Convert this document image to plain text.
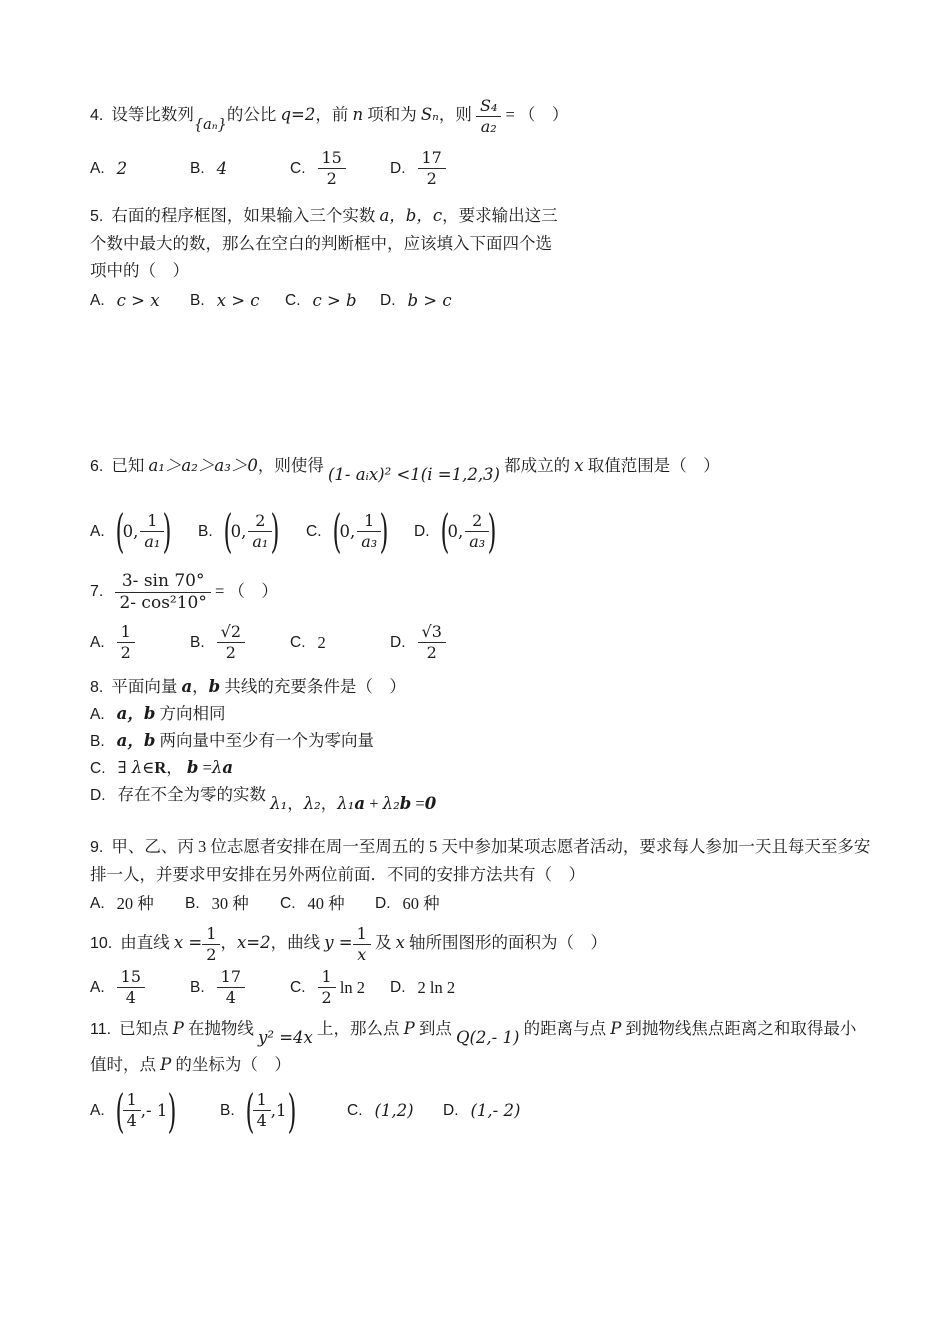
4. 设等比数列{aₙ}的公比 q=2，前 n 项和为 Sₙ，则 $\frac{\text{S₄}}{\text{a₂}}$ = （　）
A. 2	B. 4	C. $\frac{15}{2}$	D. $\frac{17}{2}$
5. 右面的程序框图，如果输入三个实数 a，b，c，要求输出这三
个数中最大的数，那么在空白的判断框中，应该填入下面四个选
项中的（　）
A. c > x B. x > c C. c > b D. b > c
6. 已知 a₁＞a₂＞a₃＞0，则使得 (1- aᵢx)² <1(i =1,2,3) 都成立的 x 取值范围是（　）
A. (
0, $\frac{1}{\text{a₁}}$
) B. (
0, $\frac{2}{\text{a₁}}$
) C. (
0, $\frac{1}{\text{a₃}}$
) D. (
0, $\frac{2}{\text{a₃}}$
)
7. $\frac{3- \sin 70^\circ}{\text{2- cos²10°}}$ = （　）
A. $\frac{1}{2}$	B. $\frac{√2}{2}$	C. 2	D. $\frac{√3}{2}$
8. 平面向量 a，b 共线的充要条件是（　）
A. a，b 方向相同
B. a，b 两向量中至少有一个为零向量
C. ∃ λ∈R， b =λa
D. 存在不全为零的实数 λ₁，λ₂，λ₁a + λ₂b =0
9. 甲、乙、丙 3 位志愿者安排在周一至周五的 5 天中参加某项志愿者活动，要求每人参加一天且每天至多安
排一人，并要求甲安排在另外两位前面．不同的安排方法共有（　）
A. 20 种 B. 30 种 C. 40 种 D. 60 种
10. 由直线 $x = \frac{1}{2}$ ，x=2，曲线 $y = \frac{1}{x}$ 及 x 轴所围图形的面积为（　）
A. $\frac{15}{4}$	B. $\frac{17}{4}$	C. $\frac{1}{2}$
ln 2 D. 2 ln 2
11. 已知点 P 在抛物线 y² =4x 上，那么点 P 到点 Q(2,- 1) 的距离与点 P 到抛物线焦点距离之和取得最小
值时，点 P 的坐标为（　）
A. (
$\frac{1}{4}$ ,- 1 )	B. (
$\frac{1}{4} ,1$ )	C. (1,2) D. (1,- 2)
